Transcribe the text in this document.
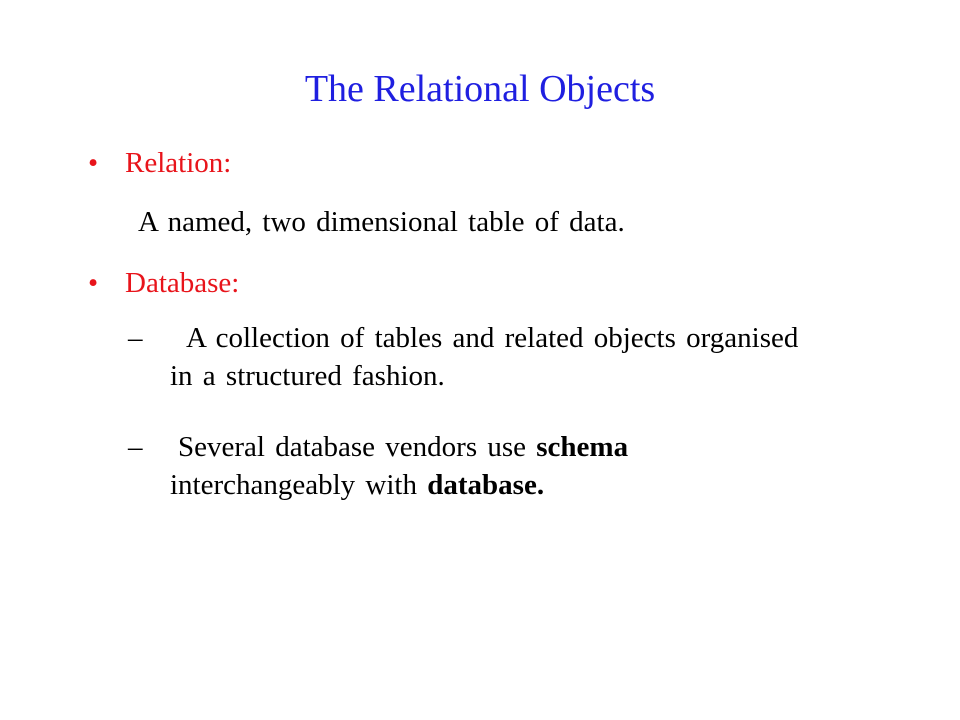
The Relational Objects
• Relation:
A named, two dimensional table of data.
• Database:
–	A collection of tables and related objects organised in a structured fashion.
–	Several database vendors use schema interchangeably with database.
